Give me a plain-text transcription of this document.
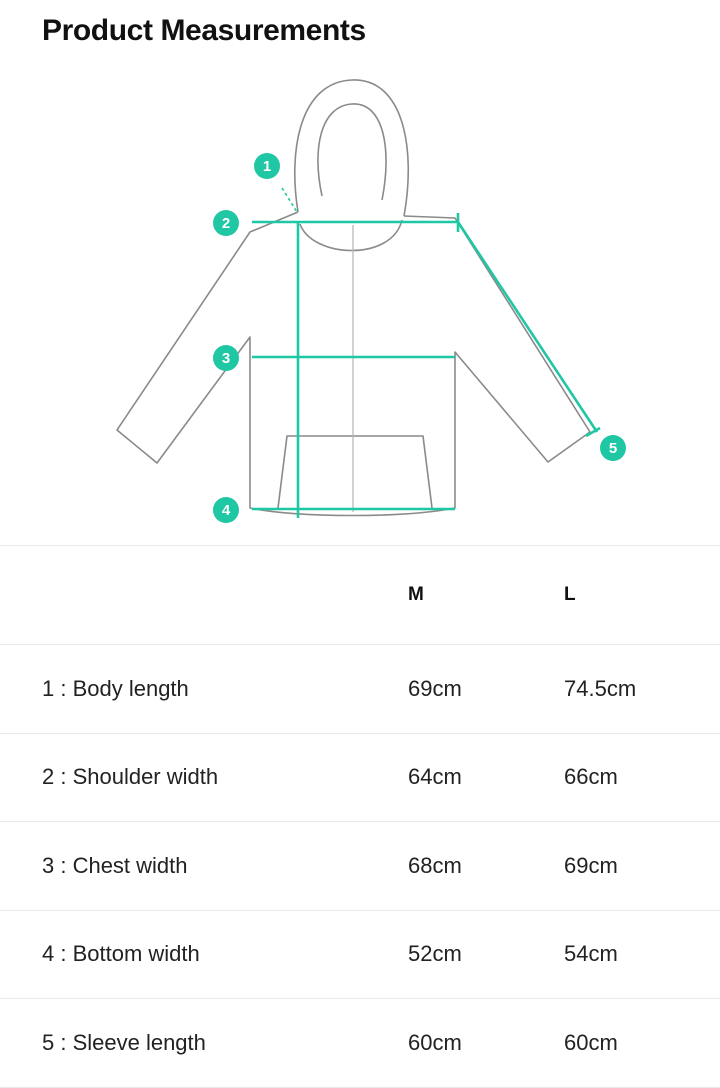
Product Measurements
1
2
3
4
5
	M	L
1 : Body length	69cm	74.5cm
2 : Shoulder width	64cm	66cm
3 : Chest width	68cm	69cm
4 : Bottom width	52cm	54cm
5 : Sleeve length	60cm	60cm
